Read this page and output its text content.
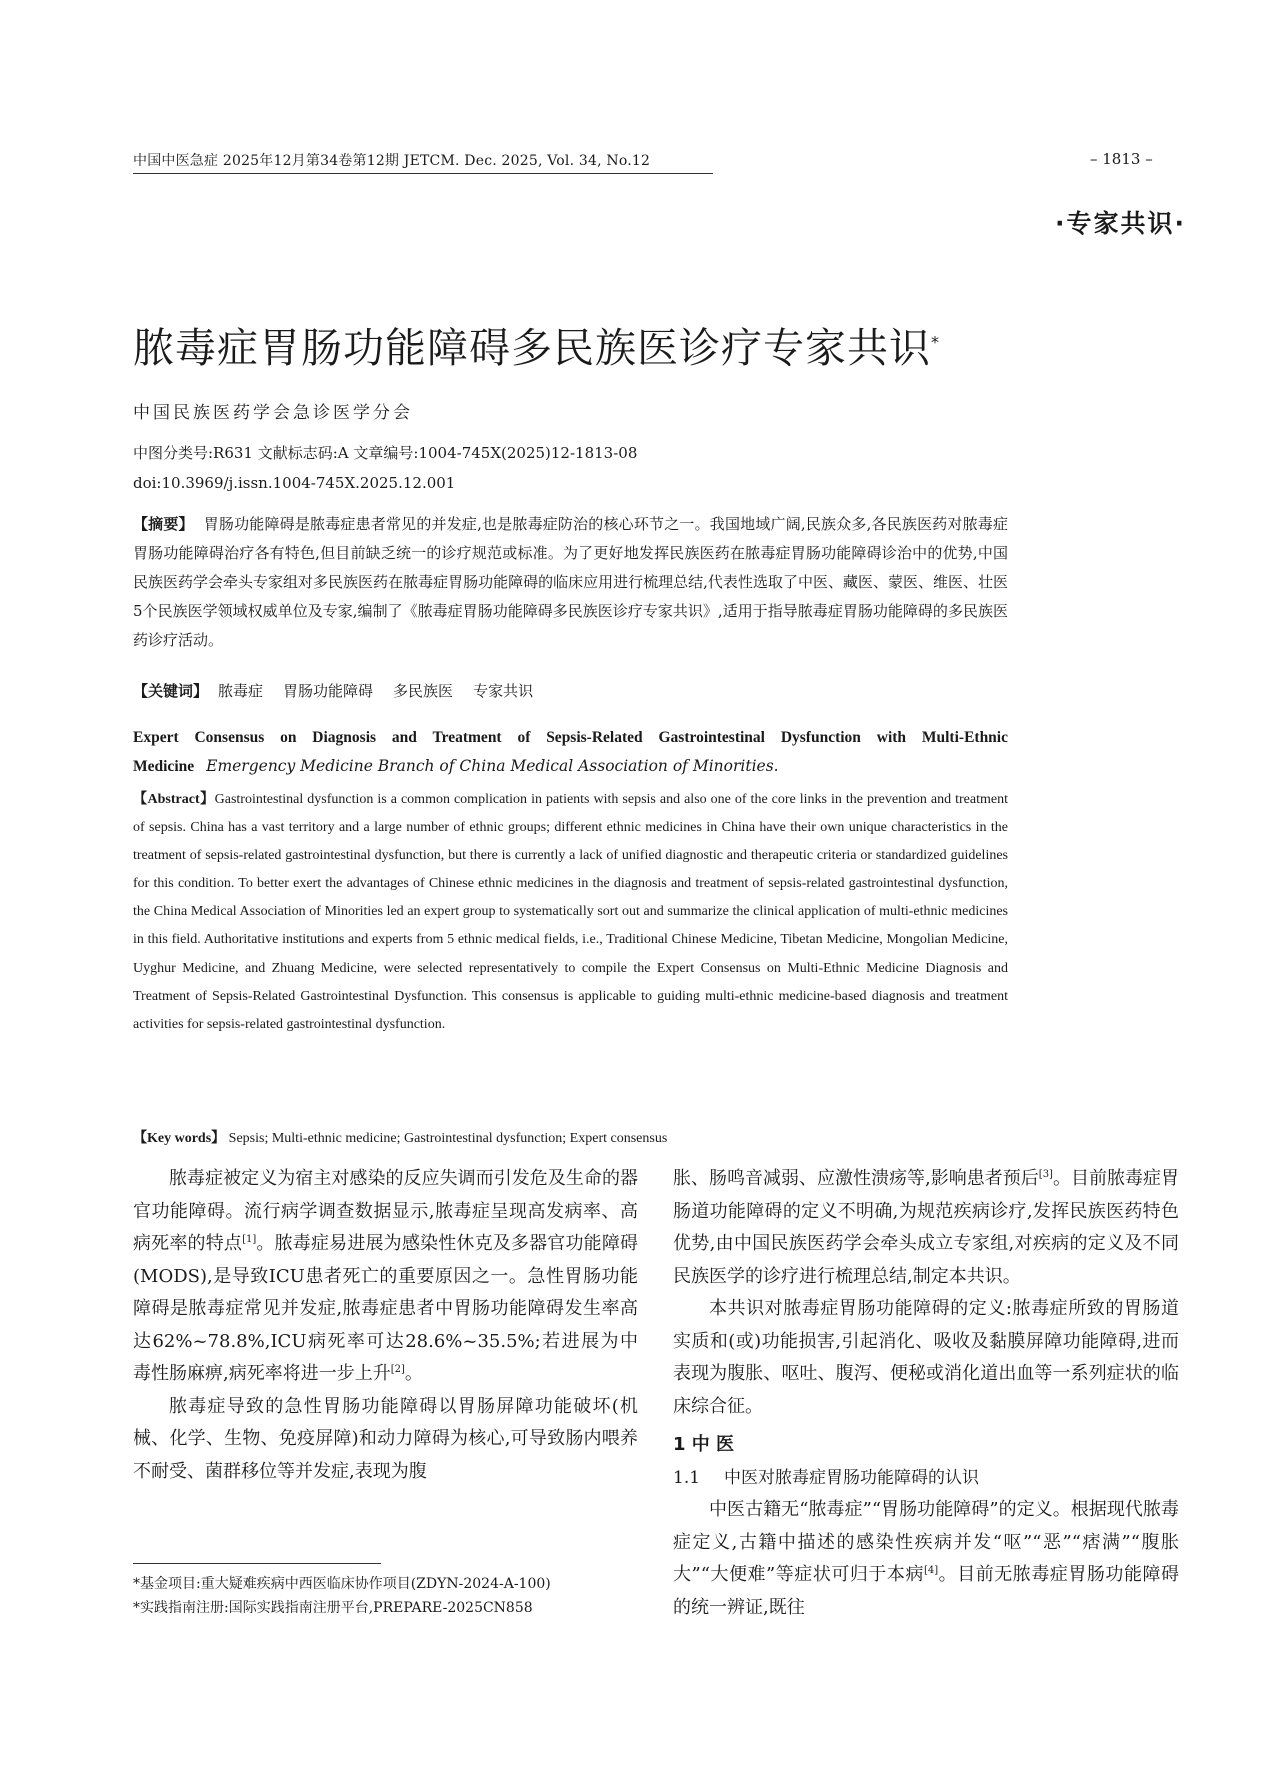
中国中医急症 2025年12月第34卷第12期 JETCM. Dec. 2025, Vol. 34, No.12	– 1813 –
·专家共识·
脓毒症胃肠功能障碍多民族医诊疗专家共识*
中国民族医药学会急诊医学分会
中图分类号:R631 文献标志码:A 文章编号:1004-745X(2025)12-1813-08
doi:10.3969/j.issn.1004-745X.2025.12.001
【摘要】 胃肠功能障碍是脓毒症患者常见的并发症,也是脓毒症防治的核心环节之一。我国地域广阔,民族众多,各民族医药对脓毒症胃肠功能障碍治疗各有特色,但目前缺乏统一的诊疗规范或标准。为了更好地发挥民族医药在脓毒症胃肠功能障碍诊治中的优势,中国民族医药学会牵头专家组对多民族医药在脓毒症胃肠功能障碍的临床应用进行梳理总结,代表性选取了中医、藏医、蒙医、维医、壮医5个民族医学领域权威单位及专家,编制了《脓毒症胃肠功能障碍多民族医诊疗专家共识》,适用于指导脓毒症胃肠功能障碍的多民族医药诊疗活动。
【关键词】 脓毒症 胃肠功能障碍 多民族医 专家共识
Expert Consensus on Diagnosis and Treatment of Sepsis-Related Gastrointestinal Dysfunction with Multi-Ethnic Medicine Emergency Medicine Branch of China Medical Association of Minorities.
【Abstract】Gastrointestinal dysfunction is a common complication in patients with sepsis and also one of the core links in the prevention and treatment of sepsis. China has a vast territory and a large number of ethnic groups; different ethnic medicines in China have their own unique characteristics in the treatment of sepsis-related gastrointestinal dysfunction, but there is currently a lack of unified diagnostic and therapeutic criteria or standardized guidelines for this condition. To better exert the advantages of Chinese ethnic medicines in the diagnosis and treatment of sepsis-related gastrointestinal dysfunction, the China Medical Association of Minorities led an expert group to systematically sort out and summarize the clinical application of multi-ethnic medicines in this field. Authoritative institutions and experts from 5 ethnic medical fields, i.e., Traditional Chinese Medicine, Tibetan Medicine, Mongolian Medicine, Uyghur Medicine, and Zhuang Medicine, were selected representatively to compile the Expert Consensus on Multi-Ethnic Medicine Diagnosis and Treatment of Sepsis-Related Gastrointestinal Dysfunction. This consensus is applicable to guiding multi-ethnic medicine-based diagnosis and treatment activities for sepsis-related gastrointestinal dysfunction.
【Key words】 Sepsis; Multi-ethnic medicine; Gastrointestinal dysfunction; Expert consensus

脓毒症被定义为宿主对感染的反应失调而引发危及生命的器官功能障碍。流行病学调查数据显示,脓毒症呈现高发病率、高病死率的特点[1]。脓毒症易进展为感染性休克及多器官功能障碍(MODS),是导致ICU患者死亡的重要原因之一。急性胃肠功能障碍是脓毒症常见并发症,脓毒症患者中胃肠功能障碍发生率高达62%~78.8%,ICU病死率可达28.6%~35.5%;若进展为中毒性肠麻痹,病死率将进一步上升[2]。

脓毒症导致的急性胃肠功能障碍以胃肠屏障功能破坏(机械、化学、生物、免疫屏障)和动力障碍为核心,可导致肠内喂养不耐受、菌群移位等并发症,表现为腹

胀、肠鸣音减弱、应激性溃疡等,影响患者预后[3]。目前脓毒症胃肠道功能障碍的定义不明确,为规范疾病诊疗,发挥民族医药特色优势,由中国民族医药学会牵头成立专家组,对疾病的定义及不同民族医学的诊疗进行梳理总结,制定本共识。

本共识对脓毒症胃肠功能障碍的定义:脓毒症所致的胃肠道实质和(或)功能损害,引起消化、吸收及黏膜屏障功能障碍,进而表现为腹胀、呕吐、腹泻、便秘或消化道出血等一系列症状的临床综合征。

1 中 医

1.1 中医对脓毒症胃肠功能障碍的认识

中医古籍无“脓毒症”“胃肠功能障碍”的定义。根据现代脓毒症定义,古籍中描述的感染性疾病并发“呕”“恶”“痞满”“腹胀大”“大便难”等症状可归于本病[4]。目前无脓毒症胃肠功能障碍的统一辨证,既往

*基金项目:重大疑难疾病中西医临床协作项目(ZDYN-2024-A-100)
*实践指南注册:国际实践指南注册平台,PREPARE-2025CN858
